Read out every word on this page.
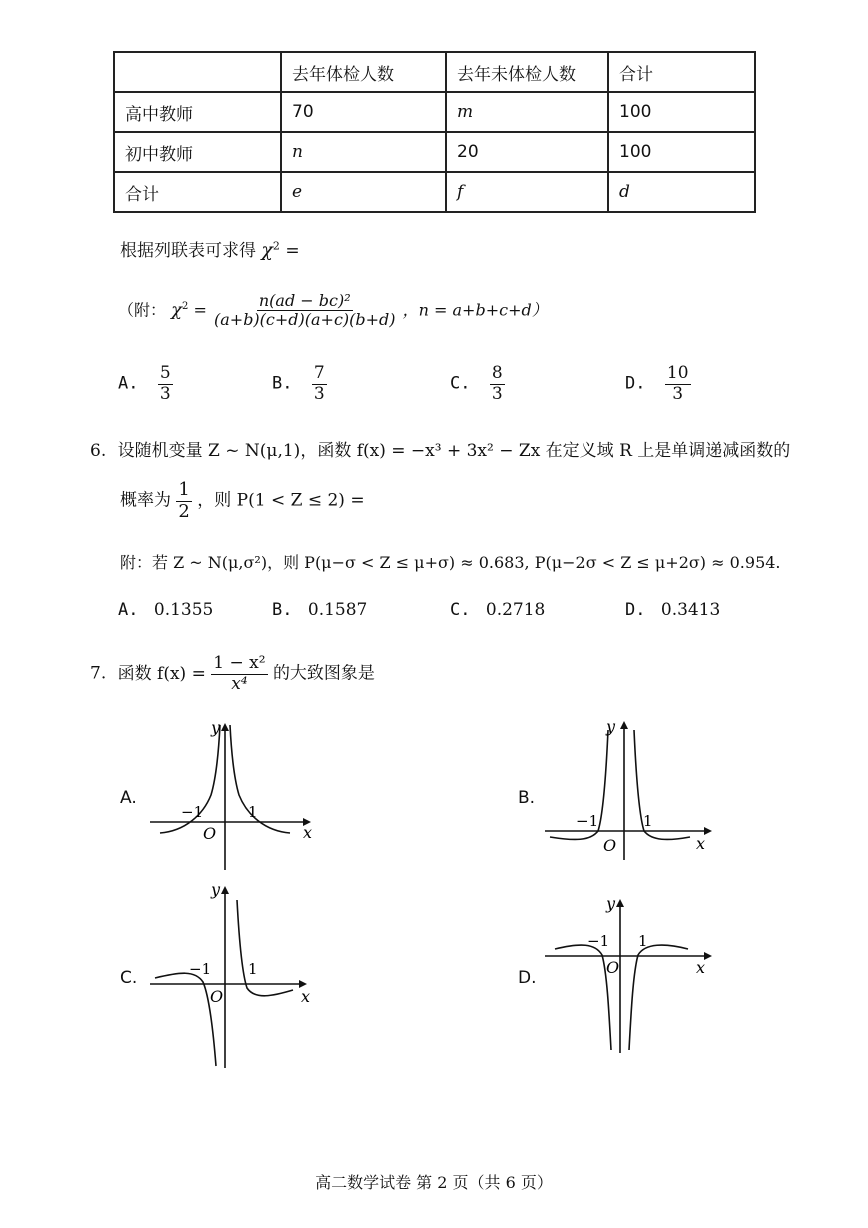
	去年体检人数	去年未体检人数	合计
高中教师	70	m	100
初中教师	n	20	100
合计	e	f	d
根据列联表可求得 $\chi^2$ =
（附： $\chi^2 = \frac{\text{n(ad − bc)²}}{(a+b)(c+d)(a+c)(b+d)}$ ，n = a+b+c+d）
A. $\frac{5}{3}$	B. $\frac{7}{3}$	C. $\frac{8}{3}$	D. $\frac{10}{3}$
6. 设随机变量 Z ~ N(μ,1)，函数 f(x) = −x³ + 3x² − Zx 在定义域 R 上是单调递减函数的
概率为 $\frac{1}{2}$ ，则 P(1 < Z ≤ 2) =
附：若 Z ~ N(μ,σ²)，则 P(μ−σ < Z ≤ μ+σ) ≈ 0.683, P(μ−2σ < Z ≤ μ+2σ) ≈ 0.954.
A. 0.1355	B. 0.1587	C. 0.2718	D. 0.3413
7. 函数 $f(x) = \frac{\text{1 − x²}}{\text{x⁴}}$ 的大致图象是
A.
y
x
O
−1	1
B.
y
x
O
−1	1
C.
y
x
O
−1 1	D.
y
x
O
−1 1
高二数学试卷 第 2 页（共 6 页）
